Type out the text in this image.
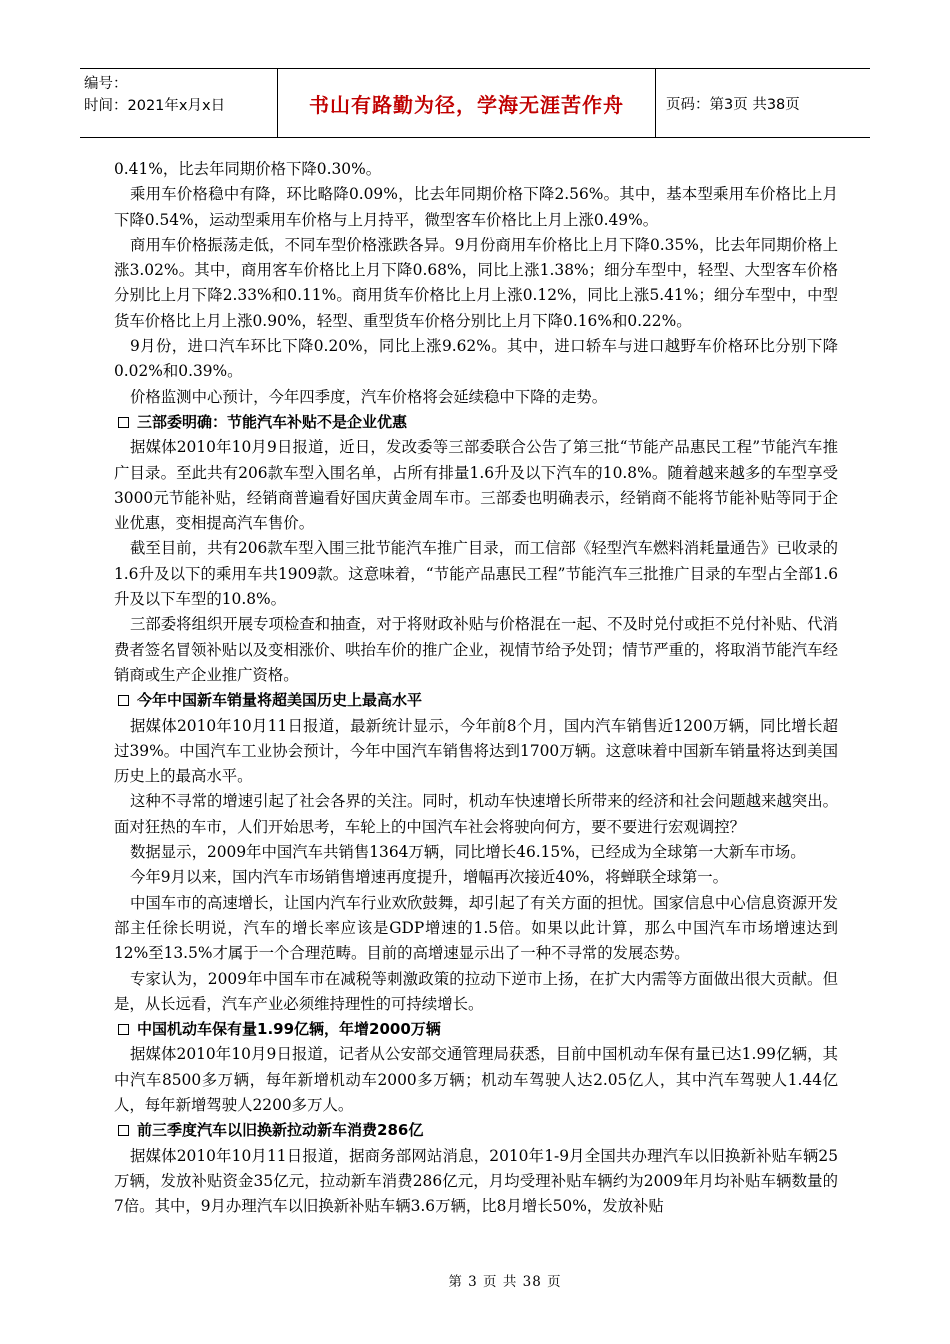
编号：
时间：2021年x月x日	书山有路勤为径，学海无涯苦作舟	页码：第3页 共38页

0.41%，比去年同期价格下降0.30%。

乘用车价格稳中有降，环比略降0.09%，比去年同期价格下降2.56%。其中，基本型乘用车价格比上月下降0.54%，运动型乘用车价格与上月持平，微型客车价格比上月上涨0.49%。

商用车价格振荡走低，不同车型价格涨跌各异。9月份商用车价格比上月下降0.35%，比去年同期价格上涨3.02%。其中，商用客车价格比上月下降0.68%，同比上涨1.38%；细分车型中，轻型、大型客车价格分别比上月下降2.33%和0.11%。商用货车价格比上月上涨0.12%，同比上涨5.41%；细分车型中，中型货车价格比上月上涨0.90%，轻型、重型货车价格分别比上月下降0.16%和0.22%。

9月份，进口汽车环比下降0.20%，同比上涨9.62%。其中，进口轿车与进口越野车价格环比分别下降0.02%和0.39%。

价格监测中心预计，今年四季度，汽车价格将会延续稳中下降的走势。

三部委明确：节能汽车补贴不是企业优惠

据媒体2010年10月9日报道，近日，发改委等三部委联合公告了第三批“节能产品惠民工程”节能汽车推广目录。至此共有206款车型入围名单，占所有排量1.6升及以下汽车的10.8%。随着越来越多的车型享受3000元节能补贴，经销商普遍看好国庆黄金周车市。三部委也明确表示，经销商不能将节能补贴等同于企业优惠，变相提高汽车售价。

截至目前，共有206款车型入围三批节能汽车推广目录，而工信部《轻型汽车燃料消耗量通告》已收录的1.6升及以下的乘用车共1909款。这意味着，“节能产品惠民工程”节能汽车三批推广目录的车型占全部1.6升及以下车型的10.8%。

三部委将组织开展专项检查和抽查，对于将财政补贴与价格混在一起、不及时兑付或拒不兑付补贴、代消费者签名冒领补贴以及变相涨价、哄抬车价的推广企业，视情节给予处罚；情节严重的，将取消节能汽车经销商或生产企业推广资格。

今年中国新车销量将超美国历史上最高水平

据媒体2010年10月11日报道，最新统计显示，今年前8个月，国内汽车销售近1200万辆，同比增长超过39%。中国汽车工业协会预计，今年中国汽车销售将达到1700万辆。这意味着中国新车销量将达到美国历史上的最高水平。

这种不寻常的增速引起了社会各界的关注。同时，机动车快速增长所带来的经济和社会问题越来越突出。面对狂热的车市，人们开始思考，车轮上的中国汽车社会将驶向何方，要不要进行宏观调控？

数据显示，2009年中国汽车共销售1364万辆，同比增长46.15%，已经成为全球第一大新车市场。

今年9月以来，国内汽车市场销售增速再度提升，增幅再次接近40%，将蝉联全球第一。

中国车市的高速增长，让国内汽车行业欢欣鼓舞，却引起了有关方面的担忧。国家信息中心信息资源开发部主任徐长明说，汽车的增长率应该是GDP增速的1.5倍。如果以此计算，那么中国汽车市场增速达到12%至13.5%才属于一个合理范畴。目前的高增速显示出了一种不寻常的发展态势。

专家认为，2009年中国车市在减税等刺激政策的拉动下逆市上扬，在扩大内需等方面做出很大贡献。但是，从长远看，汽车产业必须维持理性的可持续增长。

中国机动车保有量1.99亿辆，年增2000万辆

据媒体2010年10月9日报道，记者从公安部交通管理局获悉，目前中国机动车保有量已达1.99亿辆，其中汽车8500多万辆，每年新增机动车2000多万辆；机动车驾驶人达2.05亿人，其中汽车驾驶人1.44亿人，每年新增驾驶人2200多万人。

前三季度汽车以旧换新拉动新车消费286亿

据媒体2010年10月11日报道，据商务部网站消息，2010年1-9月全国共办理汽车以旧换新补贴车辆25万辆，发放补贴资金35亿元，拉动新车消费286亿元，月均受理补贴车辆约为2009年月均补贴车辆数量的7倍。其中，9月办理汽车以旧换新补贴车辆3.6万辆，比8月增长50%，发放补贴

第 3 页 共 38 页
